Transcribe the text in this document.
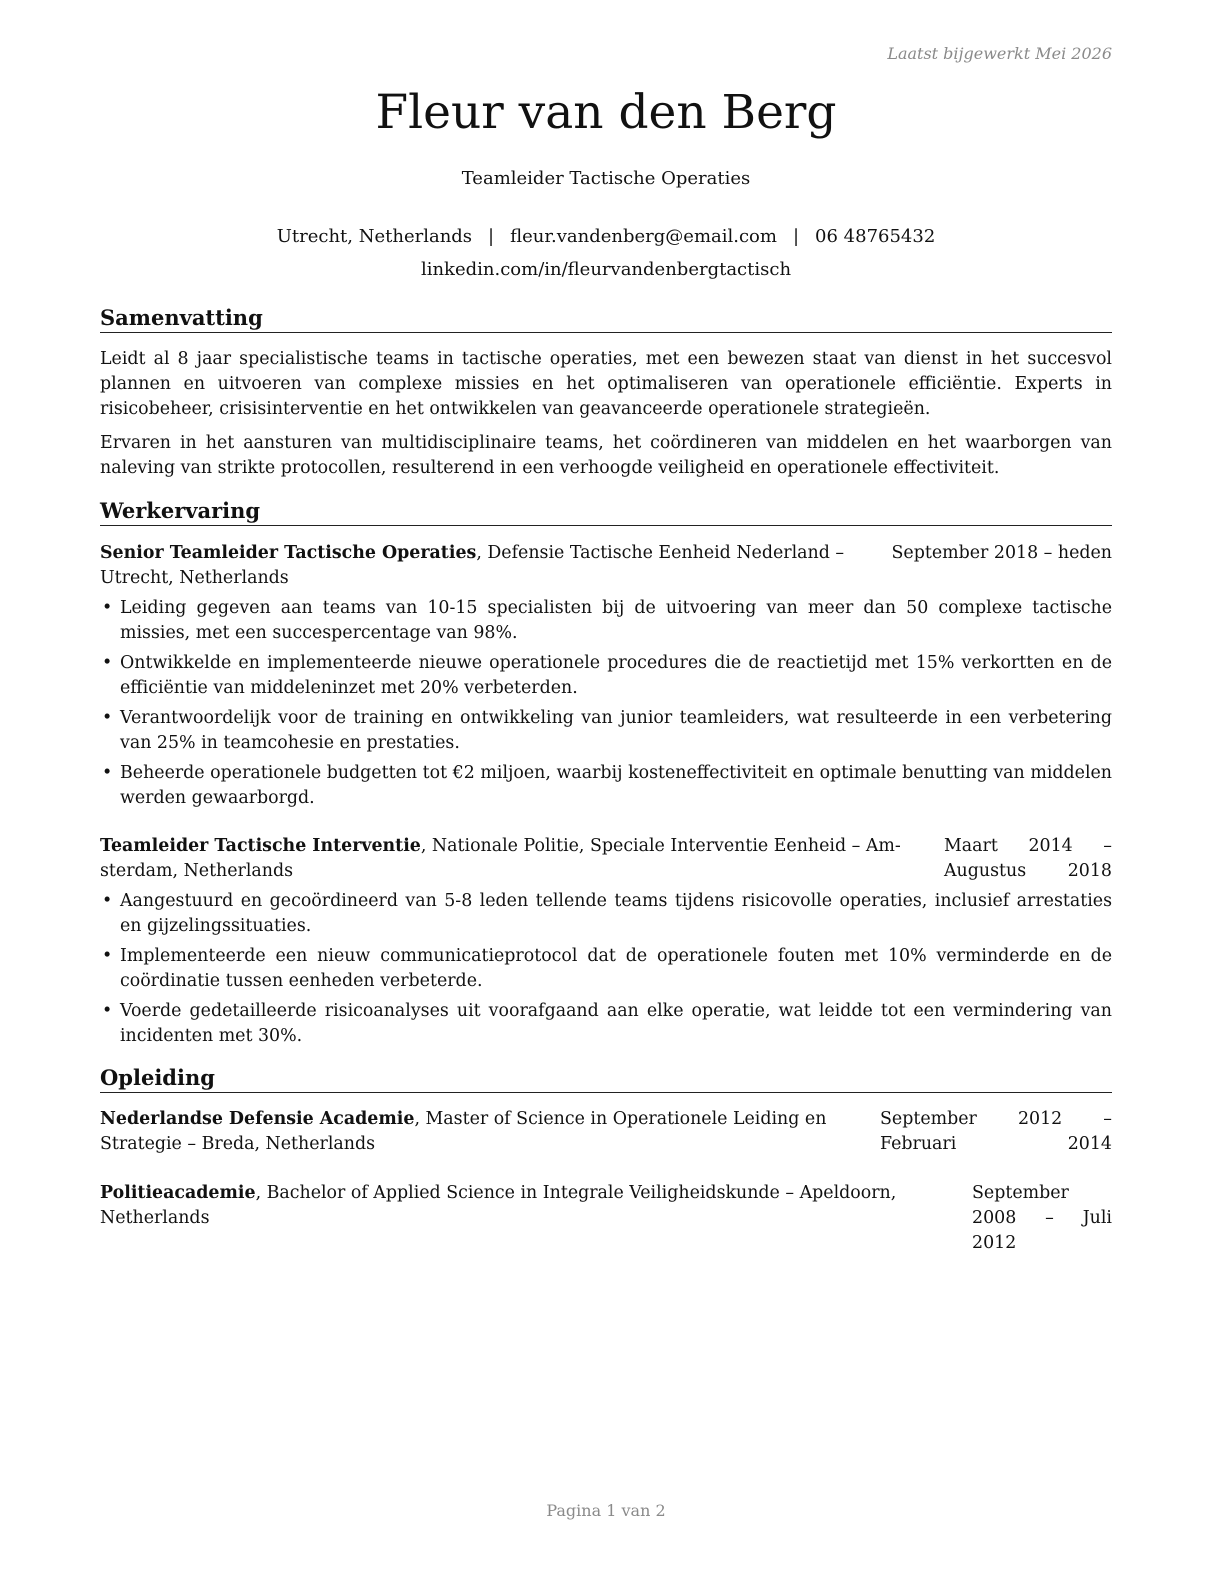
Laatst bijgewerkt Mei 2026
Fleur van den Berg
Teamleider Tactische Operaties
Utrecht, Netherlands | fleur.vandenberg@email.com | 06 48765432
linkedin.com/in/fleurvandenbergtactisch
Samenvatting

Leidt al 8 jaar specialistische teams in tactische operaties, met een bewezen staat van dienst in het succesvol plannen en uitvoeren van complexe missies en het optimaliseren van operationele efficiëntie. Experts in risicobeheer, crisisinterventie en het ontwikkelen van geavanceerde operationele strategieën.

Ervaren in het aansturen van multidisciplinaire teams, het coördineren van middelen en het waarborgen van naleving van strikte protocollen, resulterend in een verhoogde veiligheid en operationele effectiviteit.

Werkervaring
Senior Teamleider Tactische Operaties, Defensie Tactische Eenheid Nederland – Utrecht, Netherlands
September 2018 – heden
• Leiding gegeven aan teams van 10-15 specialisten bij de uitvoering van meer dan 50 complexe tactische missies, met een succespercentage van 98%.
• Ontwikkelde en implementeerde nieuwe operationele procedures die de reactietijd met 15% verkortten en de efficiëntie van middeleninzet met 20% verbeterden.
• Verantwoordelijk voor de training en ontwikkeling van junior teamleiders, wat resulteerde in een verbetering van 25% in teamcohesie en prestaties.
• Beheerde operationele budgetten tot €2 miljoen, waarbij kosteneffectiviteit en optimale benutting van middelen werden gewaarborgd.
Teamleider Tactische Interventie, Nationale Politie, Speciale Interventie Eenheid – Amsterdam, Netherlands
Maart 2014 – Augustus 2018
• Aangestuurd en gecoördineerd van 5-8 leden tellende teams tijdens risicovolle operaties, inclusief arrestaties en gijzelingssituaties.
• Implementeerde een nieuw communicatieprotocol dat de operationele fouten met 10% verminderde en de coördinatie tussen eenheden verbeterde.
• Voerde gedetailleerde risicoanalyses uit voorafgaand aan elke operatie, wat leidde tot een vermindering van incidenten met 30%.
Opleiding
Nederlandse Defensie Academie, Master of Science in Operationele Leiding en Strategie – Breda, Netherlands
September 2012 – Februari 2014
Politieacademie, Bachelor of Applied Science in Integrale Veiligheidskunde – Apeldoorn, Netherlands
September 2008 – Juli 2012
Pagina 1 van 2
